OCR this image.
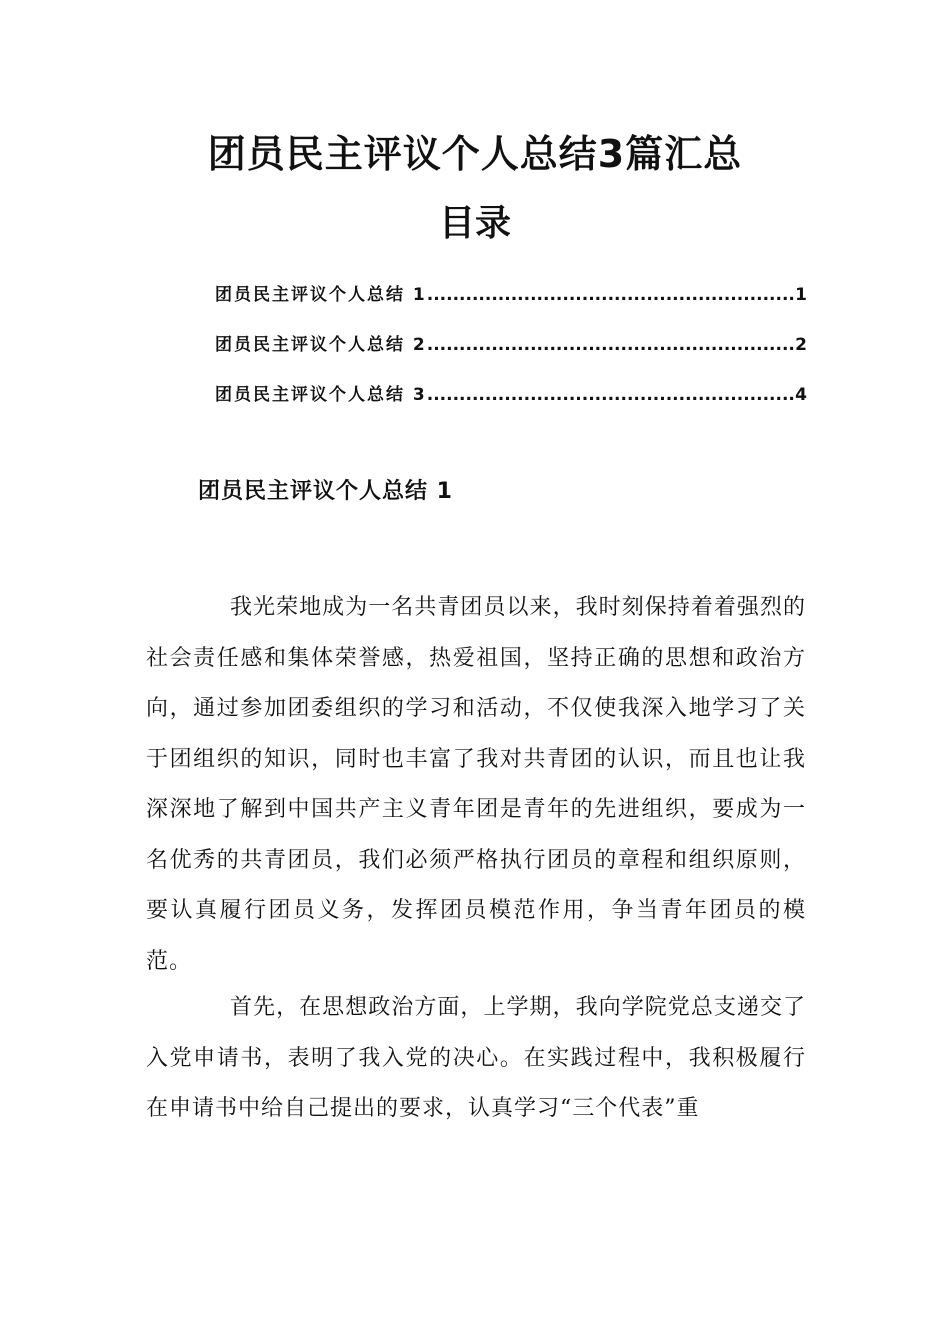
团员民主评议个人总结3篇汇总
目录
团员民主评议个人总结 1 .....	1
团员民主评议个人总结 2 .....	2
团员民主评议个人总结 3 .....	4
团员民主评议个人总结 1

我光荣地成为一名共青团员以来，我时刻保持着着强烈的社会责任感和集体荣誉感，热爱祖国，坚持正确的思想和政治方向，通过参加团委组织的学习和活动，不仅使我深入地学习了关于团组织的知识，同时也丰富了我对共青团的认识，而且也让我深深地了解到中国共产主义青年团是青年的先进组织，要成为一名优秀的共青团员，我们必须严格执行团员的章程和组织原则，要认真履行团员义务，发挥团员模范作用，争当青年团员的模范。

首先，在思想政治方面，上学期，我向学院党总支递交了入党申请书，表明了我入党的决心。在实践过程中，我积极履行在申请书中给自己提出的要求，认真学习“三个代表”重
